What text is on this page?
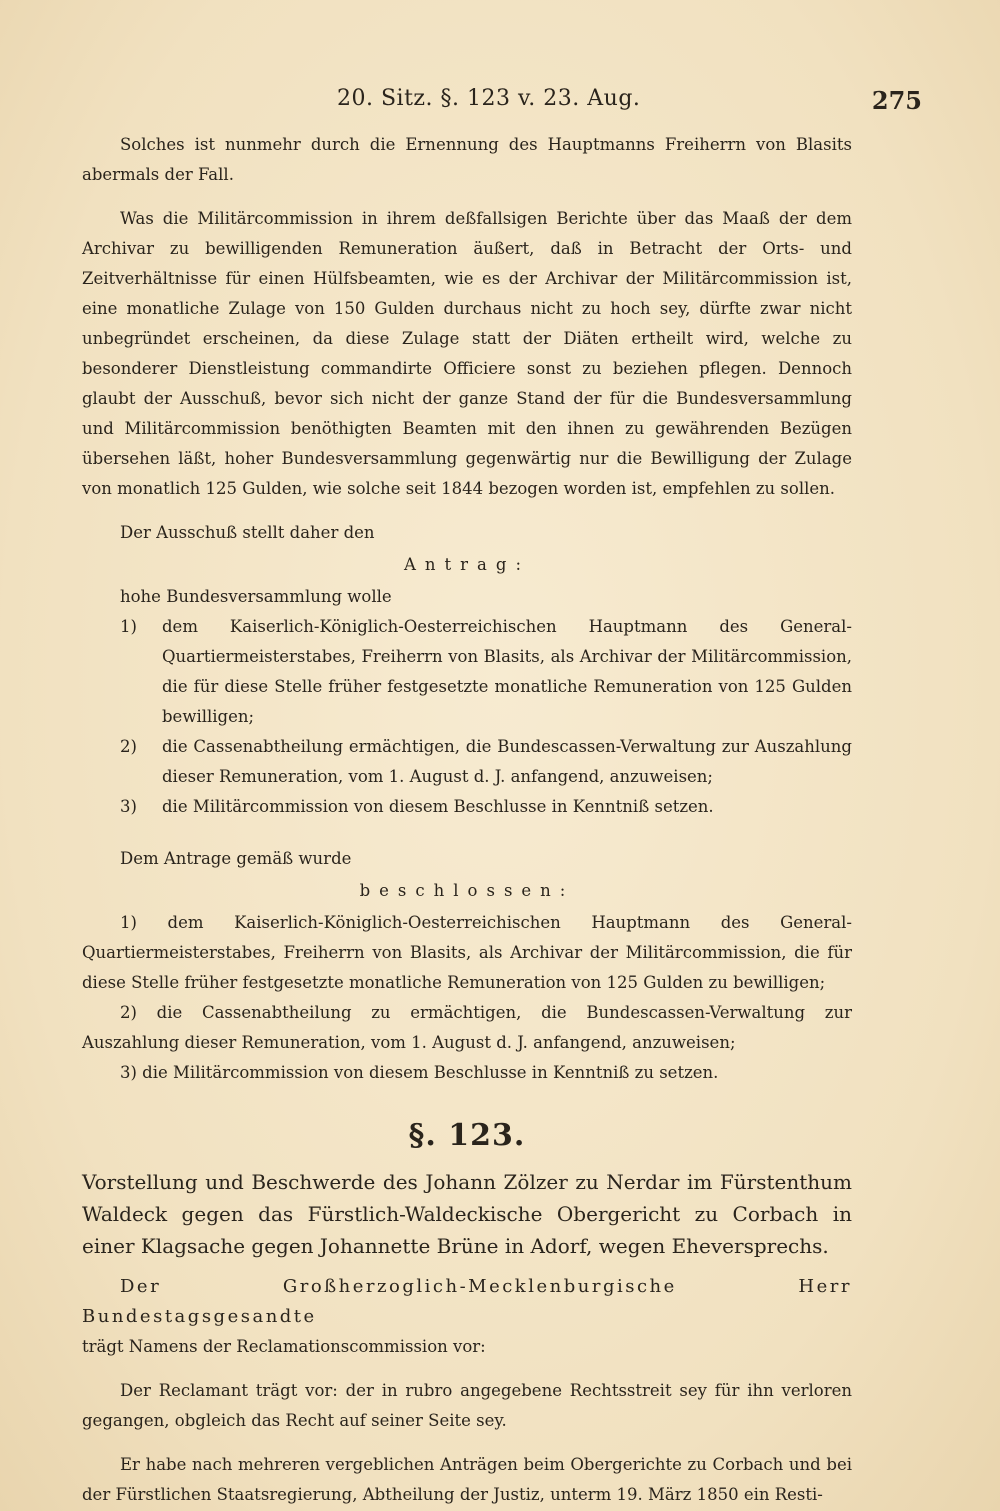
20. Sitz. §. 123 v. 23. Aug.	275

Solches ist nunmehr durch die Ernennung des Hauptmanns Freiherrn von Blasits abermals der Fall.

Was die Militärcommission in ihrem deßfallsigen Berichte über das Maaß der dem Archivar zu bewilligenden Remuneration äußert, daß in Betracht der Orts- und Zeitverhältnisse für einen Hülfsbeamten, wie es der Archivar der Militärcommission ist, eine monatliche Zulage von 150 Gulden durchaus nicht zu hoch sey, dürfte zwar nicht unbegründet erscheinen, da diese Zulage statt der Diäten ertheilt wird, welche zu besonderer Dienstleistung commandirte Officiere sonst zu beziehen pflegen. Dennoch glaubt der Ausschuß, bevor sich nicht der ganze Stand der für die Bundesversammlung und Militärcommission benöthigten Beamten mit den ihnen zu gewährenden Bezügen übersehen läßt, hoher Bundesversammlung gegenwärtig nur die Bewilligung der Zulage von monatlich 125 Gulden, wie solche seit 1844 bezogen worden ist, empfehlen zu sollen.

Der Ausschuß stellt daher den

Antrag:

hohe Bundesversammlung wolle

1) dem Kaiserlich-Königlich-Oesterreichischen Hauptmann des General-Quartiermeisterstabes, Freiherrn von Blasits, als Archivar der Militärcommission, die für diese Stelle früher festgesetzte monatliche Remuneration von 125 Gulden bewilligen;

2) die Cassenabtheilung ermächtigen, die Bundescassen-Verwaltung zur Auszahlung dieser Remuneration, vom 1. August d. J. anfangend, anzuweisen;

3) die Militärcommission von diesem Beschlusse in Kenntniß setzen.

Dem Antrage gemäß wurde

beschlossen:

1) dem Kaiserlich-Königlich-Oesterreichischen Hauptmann des General-Quartiermeisterstabes, Freiherrn von Blasits, als Archivar der Militärcommission, die für diese Stelle früher festgesetzte monatliche Remuneration von 125 Gulden zu bewilligen;

2) die Cassenabtheilung zu ermächtigen, die Bundescassen-Verwaltung zur Auszahlung dieser Remuneration, vom 1. August d. J. anfangend, anzuweisen;

3) die Militärcommission von diesem Beschlusse in Kenntniß zu setzen.

§. 123.

Vorstellung und Beschwerde des Johann Zölzer zu Nerdar im Fürstenthum Waldeck gegen das Fürstlich-Waldeckische Obergericht zu Corbach in einer Klagsache gegen Johannette Brüne in Adorf, wegen Eheversprechs.

Der Großherzoglich-Mecklenburgische Herr Bundestagsgesandte

trägt Namens der Reclamationscommission vor:

Der Reclamant trägt vor: der in rubro angegebene Rechtsstreit sey für ihn verloren gegangen, obgleich das Recht auf seiner Seite sey.

Er habe nach mehreren vergeblichen Anträgen beim Obergerichte zu Corbach und bei der Fürstlichen Staatsregierung, Abtheilung der Justiz, unterm 19. März 1850 ein Resti-
